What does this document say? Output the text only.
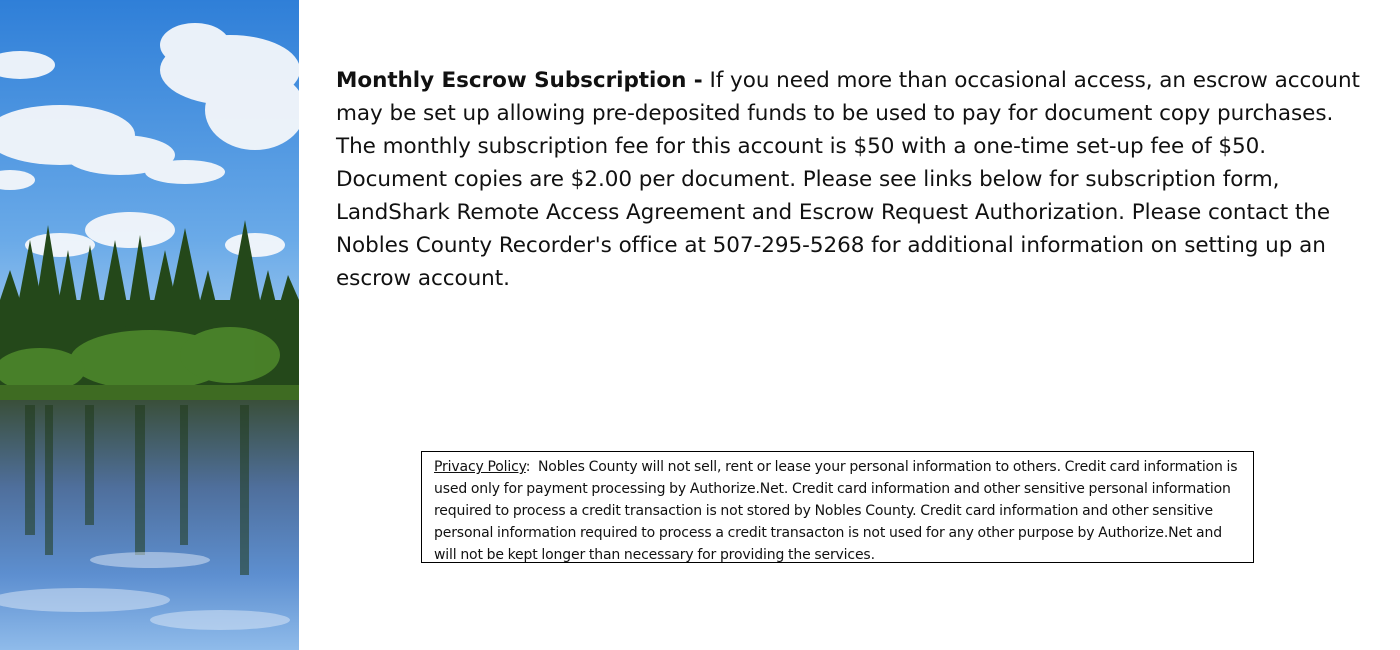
Monthly Escrow Subscription - If you need more than occasional access, an escrow account may be set up allowing pre-deposited funds to be used to pay for document copy purchases. The monthly subscription fee for this account is $50 with a one-time set-up fee of $50. Document copies are $2.00 per document. Please see links below for subscription form, LandShark Remote Access Agreement and Escrow Request Authorization. Please contact the Nobles County Recorder's office at 507-295-5268 for additional information on setting up an escrow account.

Privacy Policy: Nobles County will not sell, rent or lease your personal information to others. Credit card information is used only for payment processing by Authorize.Net. Credit card information and other sensitive personal information required to process a credit transaction is not stored by Nobles County. Credit card information and other sensitive personal information required to process a credit transacton is not used for any other purpose by Authorize.Net and will not be kept longer than necessary for providing the services.
